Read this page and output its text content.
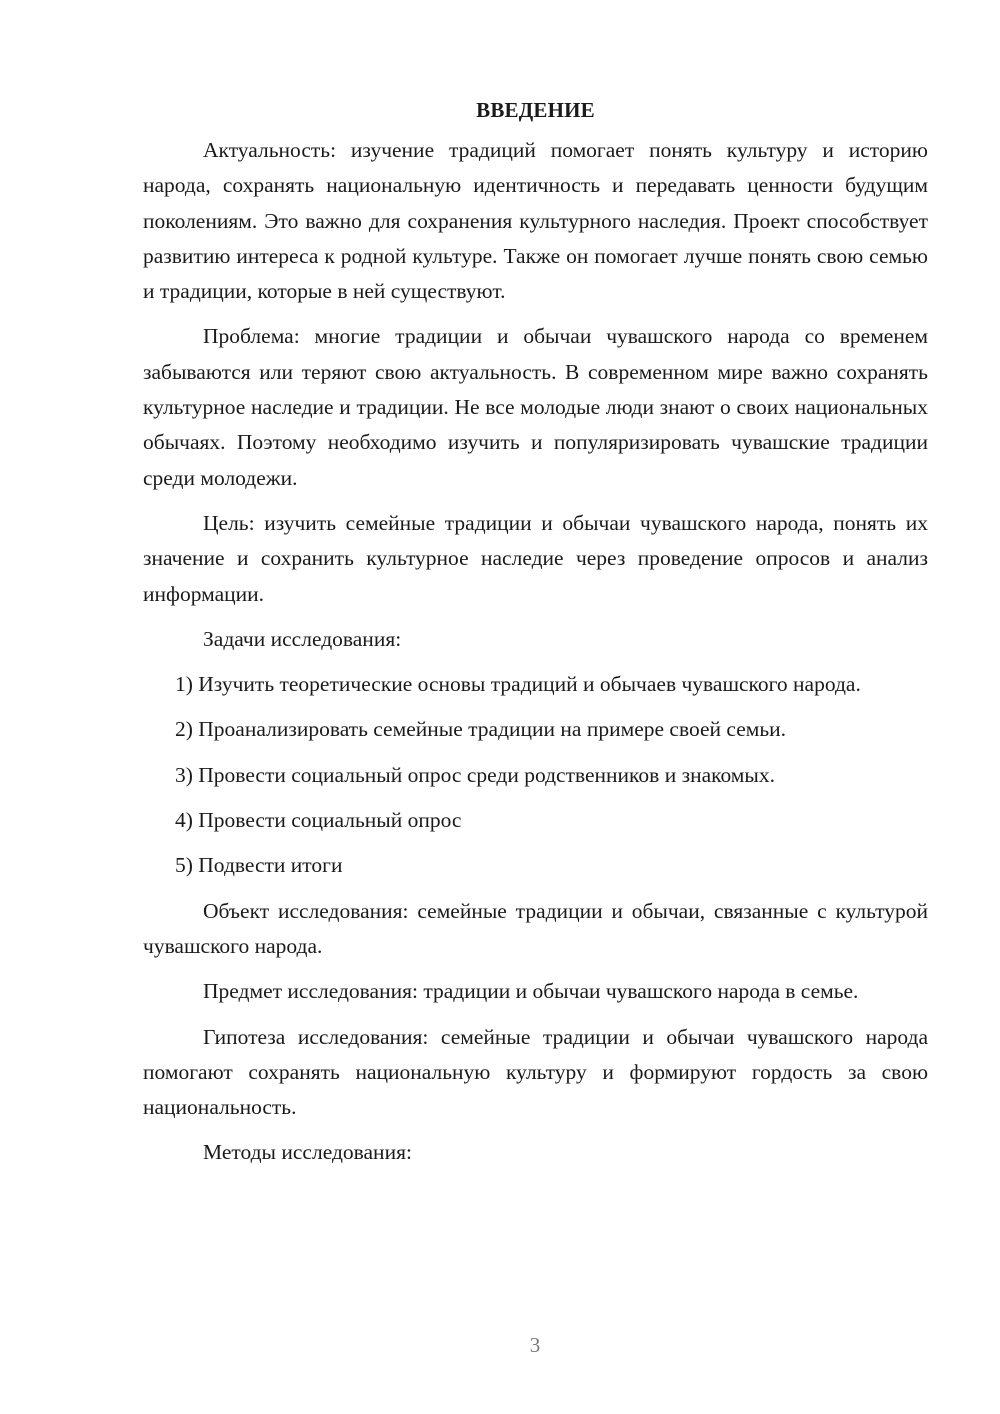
ВВЕДЕНИЕ

Актуальность: изучение традиций помогает понять культуру и историю народа, сохранять национальную идентичность и передавать ценности будущим поколениям. Это важно для сохранения культурного наследия. Проект способствует развитию интереса к родной культуре. Также он помогает лучше понять свою семью и традиции, которые в ней существуют.

Проблема: многие традиции и обычаи чувашского народа со временем забываются или теряют свою актуальность. В современном мире важно сохранять культурное наследие и традиции. Не все молодые люди знают о своих национальных обычаях. Поэтому необходимо изучить и популяризировать чувашские традиции среди молодежи.

Цель: изучить семейные традиции и обычаи чувашского народа, понять их значение и сохранить культурное наследие через проведение опросов и анализ информации.

Задачи исследования:

1) Изучить теоретические основы традиций и обычаев чувашского народа.

2) Проанализировать семейные традиции на примере своей семьи.

3) Провести социальный опрос среди родственников и знакомых.

4) Провести социальный опрос

5) Подвести итоги

Объект исследования: семейные традиции и обычаи, связанные с культурой чувашского народа.

Предмет исследования: традиции и обычаи чувашского народа в семье.

Гипотеза исследования: семейные традиции и обычаи чувашского народа помогают сохранять национальную культуру и формируют гордость за свою национальность.

Методы исследования:

3
